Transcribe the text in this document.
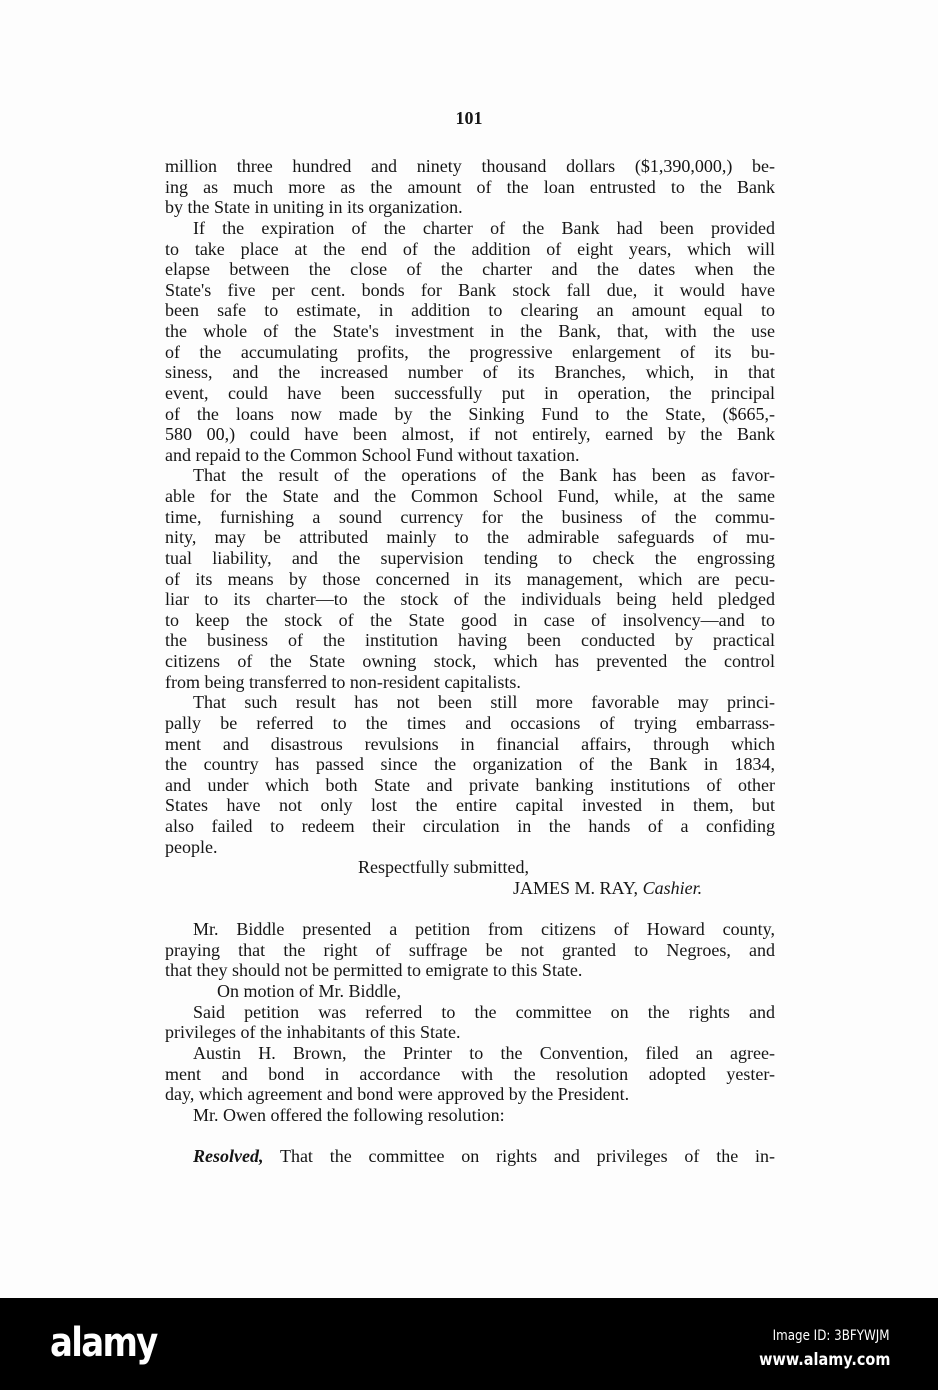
101
million three hundred and ninety thousand dollars ($1,390,000,) be-
ing as much more as the amount of the loan entrusted to the Bank
by the State in uniting in its organization.
If the expiration of the charter of the Bank had been provided
to take place at the end of the addition of eight years, which will
elapse between the close of the charter and the dates when the
State's five per cent. bonds for Bank stock fall due, it would have
been safe to estimate, in addition to clearing an amount equal to
the whole of the State's investment in the Bank, that, with the use
of the accumulating profits, the progressive enlargement of its bu-
siness, and the increased number of its Branches, which, in that
event, could have been successfully put in operation, the principal
of the loans now made by the Sinking Fund to the State, ($665,-
580 00,) could have been almost, if not entirely, earned by the Bank
and repaid to the Common School Fund without taxation.
That the result of the operations of the Bank has been as favor-
able for the State and the Common School Fund, while, at the same
time, furnishing a sound currency for the business of the commu-
nity, may be attributed mainly to the admirable safeguards of mu-
tual liability, and the supervision tending to check the engrossing
of its means by those concerned in its management, which are pecu-
liar to its charter—to the stock of the individuals being held pledged
to keep the stock of the State good in case of insolvency—and to
the business of the institution having been conducted by practical
citizens of the State owning stock, which has prevented the control
from being transferred to non-resident capitalists.
That such result has not been still more favorable may princi-
pally be referred to the times and occasions of trying embarrass-
ment and disastrous revulsions in financial affairs, through which
the country has passed since the organization of the Bank in 1834,
and under which both State and private banking institutions of other
States have not only lost the entire capital invested in them, but
also failed to redeem their circulation in the hands of a confiding
people.
Respectfully submitted,
JAMES M. RAY, Cashier.
Mr. Biddle presented a petition from citizens of Howard county,
praying that the right of suffrage be not granted to Negroes, and
that they should not be permitted to emigrate to this State.
On motion of Mr. Biddle,
Said petition was referred to the committee on the rights and
privileges of the inhabitants of this State.
Austin H. Brown, the Printer to the Convention, filed an agree-
ment and bond in accordance with the resolution adopted yester-
day, which agreement and bond were approved by the President.
Mr. Owen offered the following resolution:
Resolved, That the committee on rights and privileges of the in-
alamy	Image ID: 3BFYWJM
www.alamy.com
